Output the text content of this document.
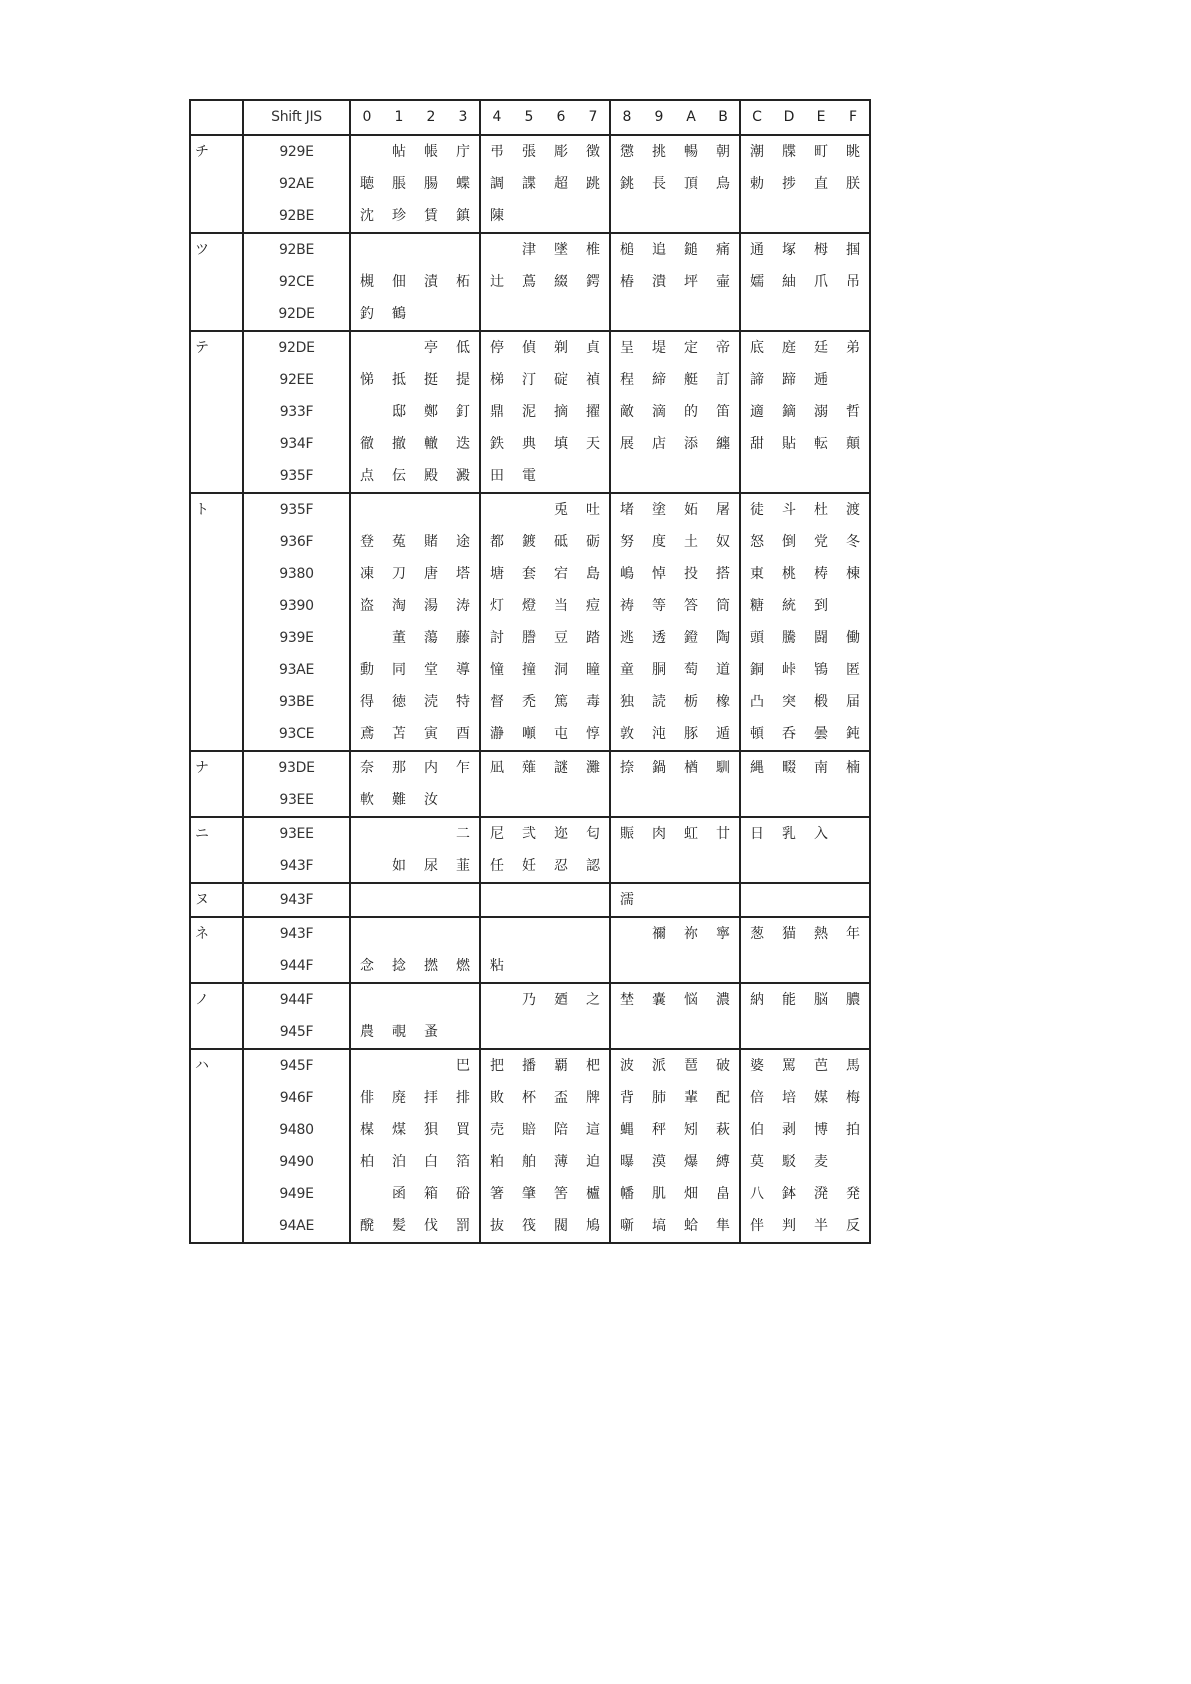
	Shift JIS	0	1	2	3	4	5	6	7	8	9	A	B	C	D	E	F
チ	929E		帖	帳	庁	弔	張	彫	徴	懲	挑	暢	朝	潮	牒	町	眺
	92AE	聴	脹	腸	蝶	調	諜	超	跳	銚	長	頂	鳥	勅	捗	直	朕
	92BE	沈	珍	賃	鎮	陳											
ツ	92BE						津	墜	椎	槌	追	鎚	痛	通	塚	栂	掴
	92CE	槻	佃	漬	柘	辻	蔦	綴	鍔	椿	潰	坪	壷	嬬	紬	爪	吊
	92DE	釣	鶴														
テ	92DE			亭	低	停	偵	剃	貞	呈	堤	定	帝	底	庭	廷	弟
	92EE	悌	抵	挺	提	梯	汀	碇	禎	程	締	艇	訂	諦	蹄	逓	
	933F		邸	鄭	釘	鼎	泥	摘	擢	敵	滴	的	笛	適	鏑	溺	哲
	934F	徹	撤	轍	迭	鉄	典	填	天	展	店	添	纏	甜	貼	転	顛
	935F	点	伝	殿	澱	田	電										
ト	935F							兎	吐	堵	塗	妬	屠	徒	斗	杜	渡
	936F	登	菟	賭	途	都	鍍	砥	砺	努	度	土	奴	怒	倒	党	冬
	9380	凍	刀	唐	塔	塘	套	宕	島	嶋	悼	投	搭	東	桃	梼	棟
	9390	盗	淘	湯	涛	灯	燈	当	痘	祷	等	答	筒	糖	統	到	
	939E		董	蕩	藤	討	謄	豆	踏	逃	透	鐙	陶	頭	騰	闘	働
	93AE	動	同	堂	導	憧	撞	洞	瞳	童	胴	萄	道	銅	峠	鴇	匿
	93BE	得	徳	涜	特	督	禿	篤	毒	独	読	栃	橡	凸	突	椴	届
	93CE	鳶	苫	寅	酉	瀞	噸	屯	惇	敦	沌	豚	遁	頓	呑	曇	鈍
ナ	93DE	奈	那	内	乍	凪	薙	謎	灘	捺	鍋	楢	馴	縄	畷	南	楠
	93EE	軟	難	汝													
ニ	93EE				二	尼	弐	迩	匂	賑	肉	虹	廿	日	乳	入	
	943F		如	尿	韮	任	妊	忍	認								
ヌ	943F									濡							
ネ	943F										禰	祢	寧	葱	猫	熱	年
	944F	念	捻	撚	燃	粘											
ノ	944F						乃	廼	之	埜	嚢	悩	濃	納	能	脳	膿
	945F	農	覗	蚤													
ハ	945F				巴	把	播	覇	杷	波	派	琶	破	婆	罵	芭	馬
	946F	俳	廃	拝	排	敗	杯	盃	牌	背	肺	輩	配	倍	培	媒	梅
	9480	楳	煤	狽	買	売	賠	陪	這	蝿	秤	矧	萩	伯	剥	博	拍
	9490	柏	泊	白	箔	粕	舶	薄	迫	曝	漠	爆	縛	莫	駁	麦	
	949E		函	箱	硲	箸	肇	筈	櫨	幡	肌	畑	畠	八	鉢	溌	発
	94AE	醗	髪	伐	罰	抜	筏	閥	鳩	噺	塙	蛤	隼	伴	判	半	反
